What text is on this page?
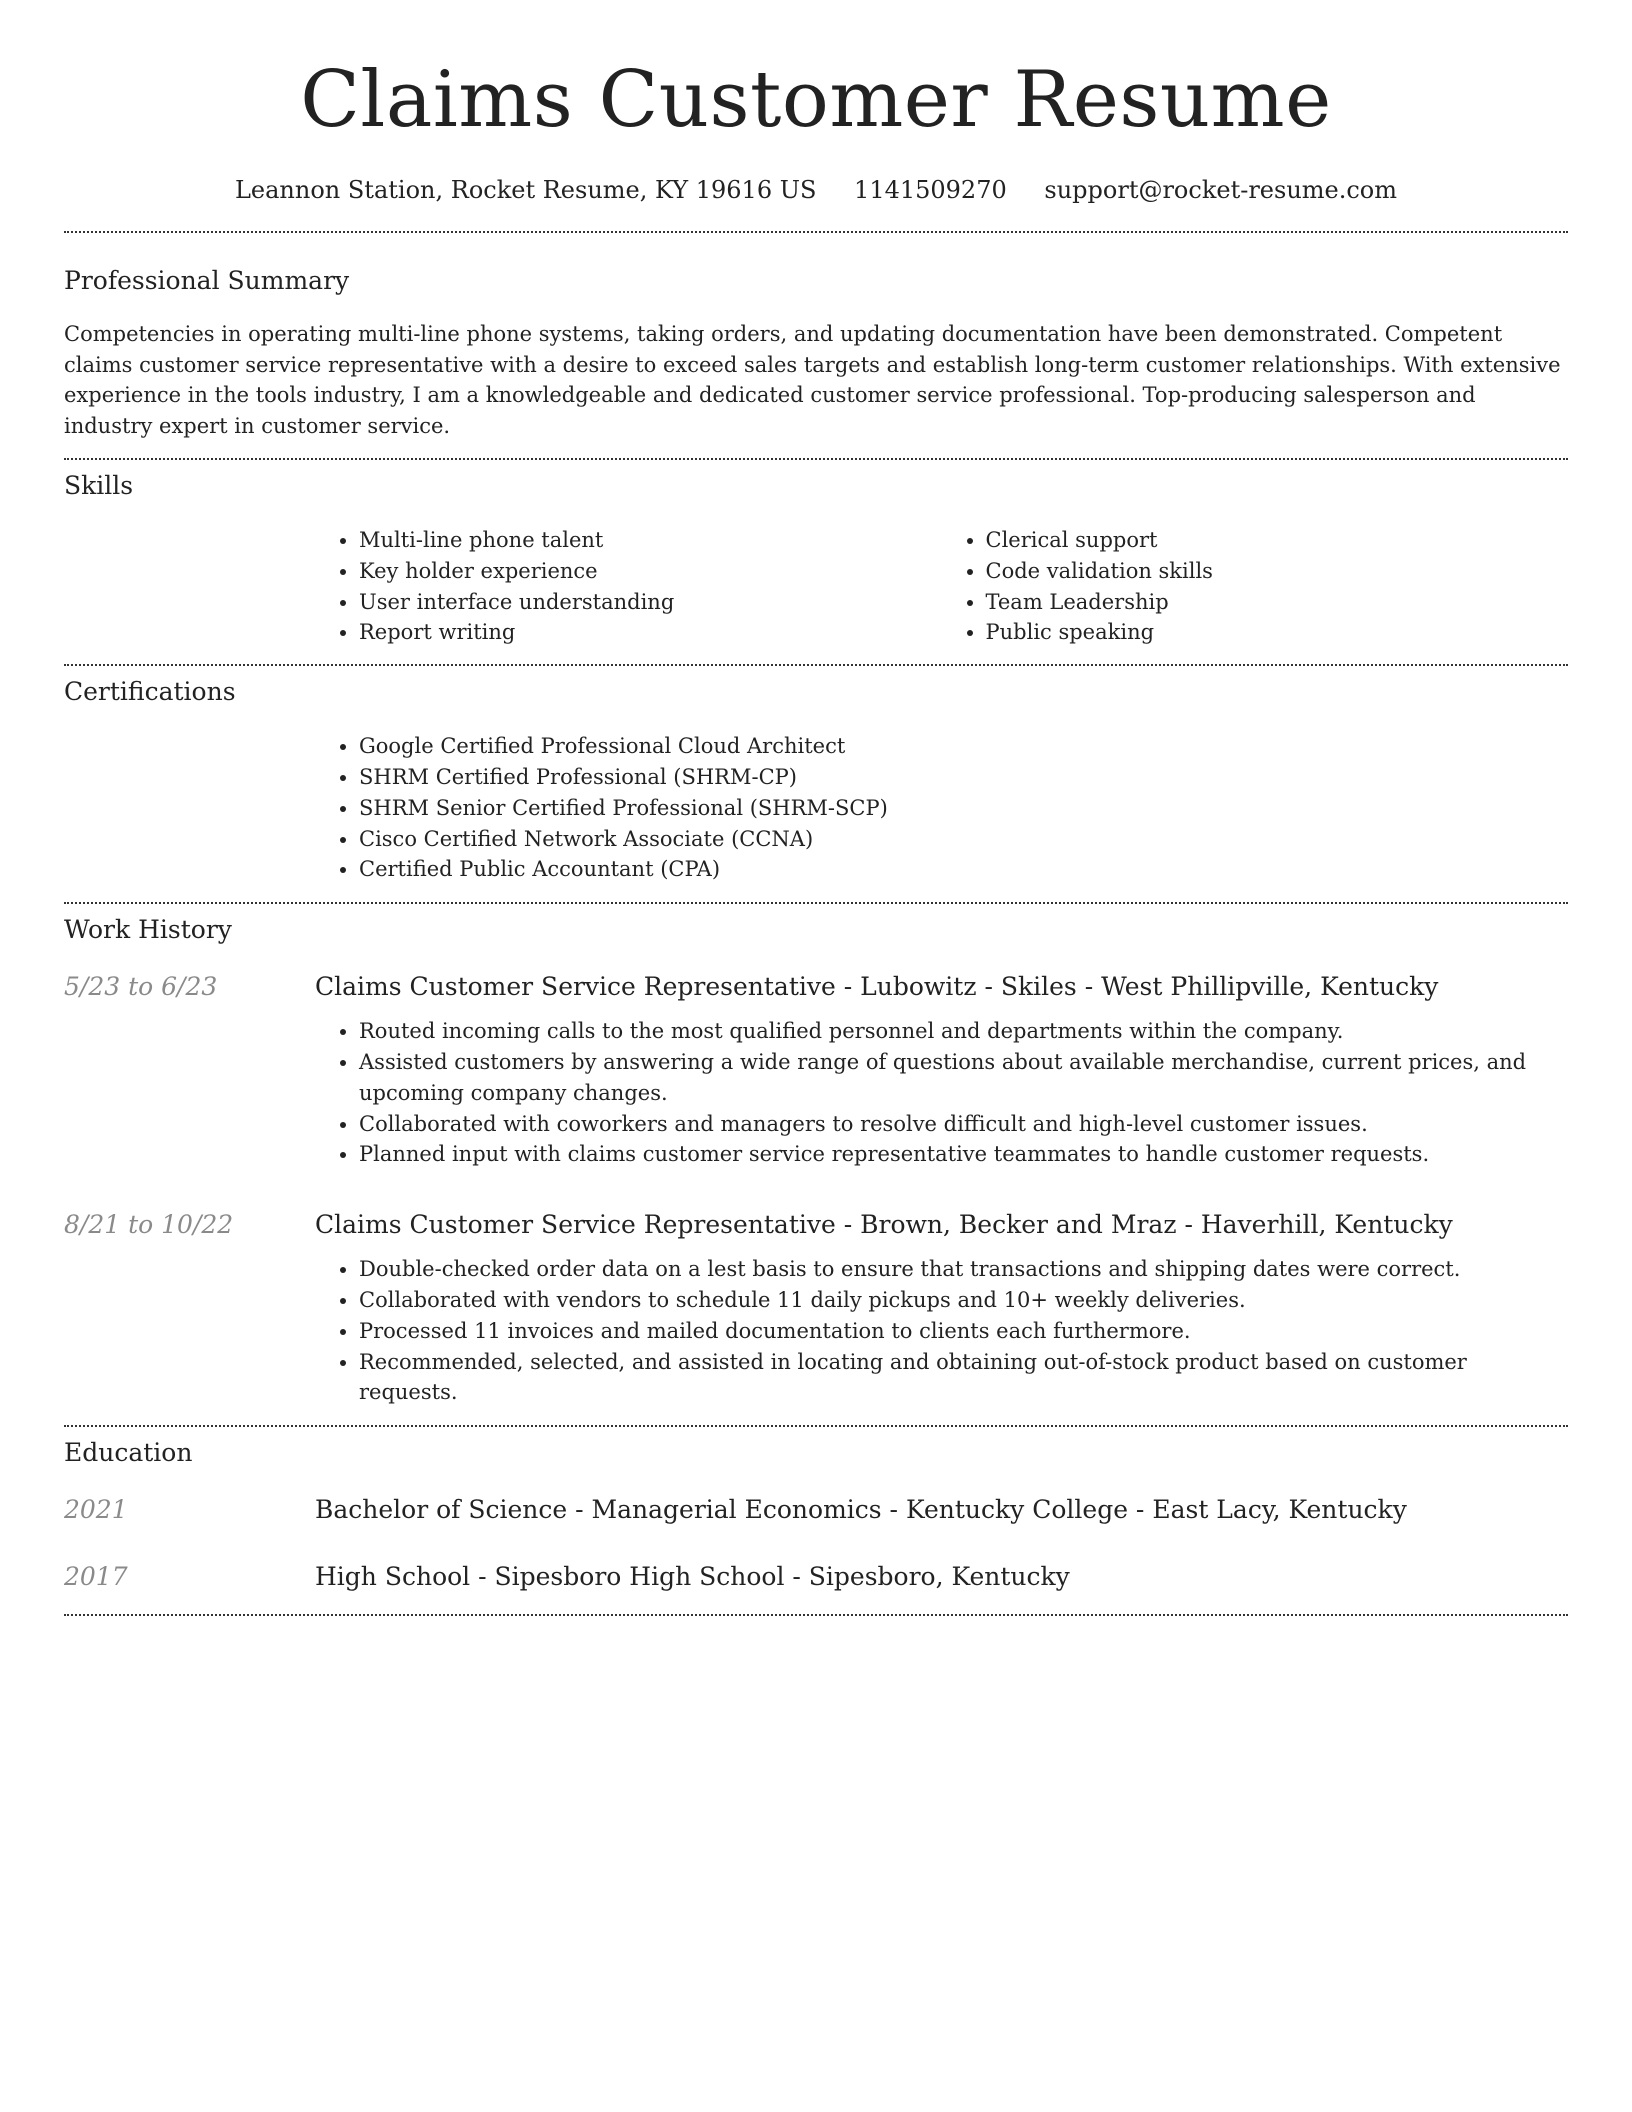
Claims Customer Resume
Leannon Station, Rocket Resume, KY 19616 US 1141509270 support@rocket-resume.com
Professional Summary

Competencies in operating multi-line phone systems, taking orders, and updating documentation have been demonstrated. Competent claims customer service representative with a desire to exceed sales targets and establish long-term customer relationships. With extensive experience in the tools industry, I am a knowledgeable and dedicated customer service professional. Top-producing salesperson and industry expert in customer service.

Skills
• Multi-line phone talent
• Key holder experience
• User interface understanding
• Report writing
• Clerical support
• Code validation skills
• Team Leadership
• Public speaking
Certifications
• Google Certified Professional Cloud Architect
• SHRM Certified Professional (SHRM-CP)
• SHRM Senior Certified Professional (SHRM-SCP)
• Cisco Certified Network Associate (CCNA)
• Certified Public Accountant (CPA)
Work History
5/23 to 6/23	Claims Customer Service Representative - Lubowitz - Skiles - West Phillipville, Kentucky
• Routed incoming calls to the most qualified personnel and departments within the company.
• Assisted customers by answering a wide range of questions about available merchandise, current prices, and upcoming company changes.
• Collaborated with coworkers and managers to resolve difficult and high-level customer issues.
• Planned input with claims customer service representative teammates to handle customer requests.
8/21 to 10/22	Claims Customer Service Representative - Brown, Becker and Mraz - Haverhill, Kentucky
• Double-checked order data on a lest basis to ensure that transactions and shipping dates were correct.
• Collaborated with vendors to schedule 11 daily pickups and 10+ weekly deliveries.
• Processed 11 invoices and mailed documentation to clients each furthermore.
• Recommended, selected, and assisted in locating and obtaining out-of-stock product based on customer requests.
Education
2021	Bachelor of Science - Managerial Economics - Kentucky College - East Lacy, Kentucky
2017	High School - Sipesboro High School - Sipesboro, Kentucky
